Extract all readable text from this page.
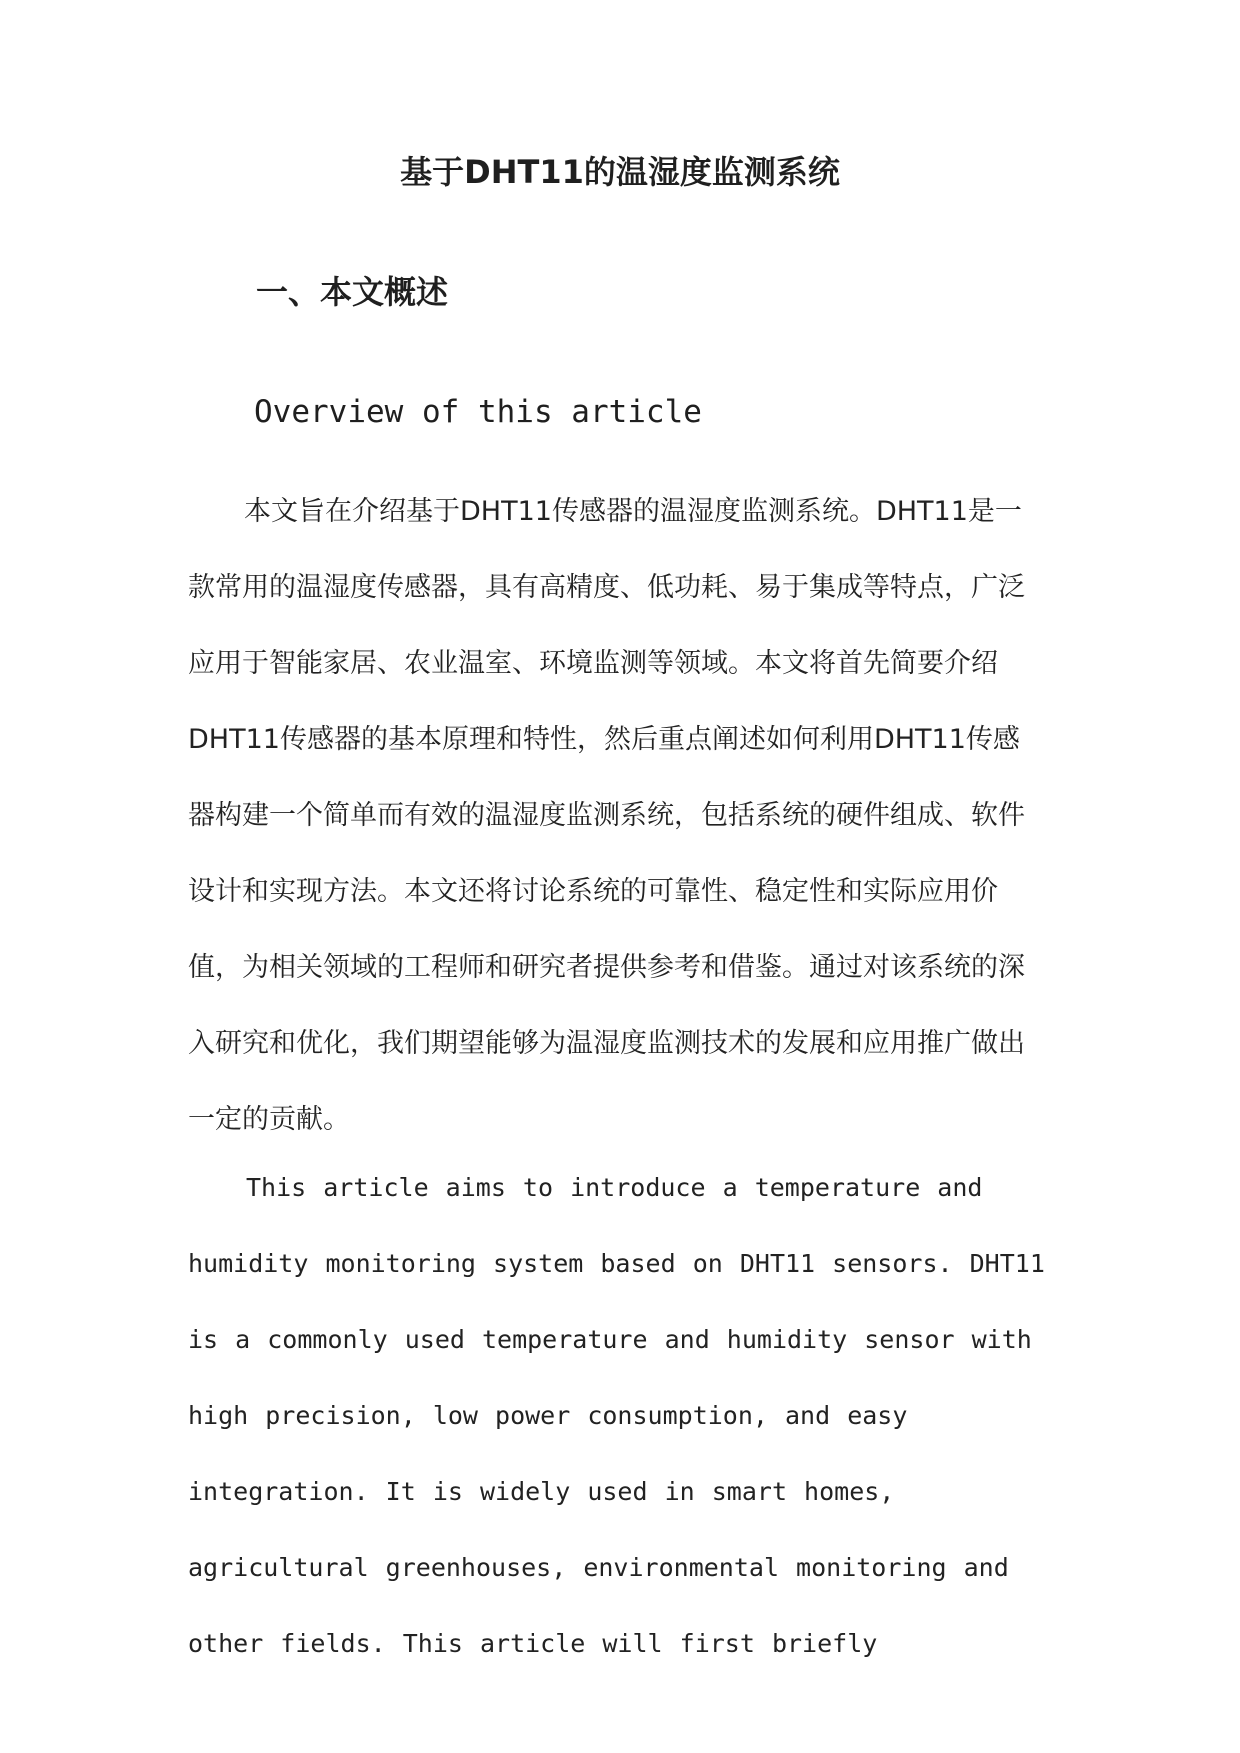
基于DHT11的温湿度监测系统
一、本文概述
Overview of this article

本文旨在介绍基于DHT11传感器的温湿度监测系统。DHT11是一款常用的温湿度传感器，具有高精度、低功耗、易于集成等特点，广泛应用于智能家居、农业温室、环境监测等领域。本文将首先简要介绍DHT11传感器的基本原理和特性，然后重点阐述如何利用DHT11传感器构建一个简单而有效的温湿度监测系统，包括系统的硬件组成、软件设计和实现方法。本文还将讨论系统的可靠性、稳定性和实际应用价值，为相关领域的工程师和研究者提供参考和借鉴。通过对该系统的深入研究和优化，我们期望能够为温湿度监测技术的发展和应用推广做出一定的贡献。

This article aims to introduce a temperature and humidity monitoring system based on DHT11 sensors. DHT11 is a commonly used temperature and humidity sensor with high precision, low power consumption, and easy integration. It is widely used in smart homes, agricultural greenhouses, environmental monitoring and other fields. This article will first briefly
